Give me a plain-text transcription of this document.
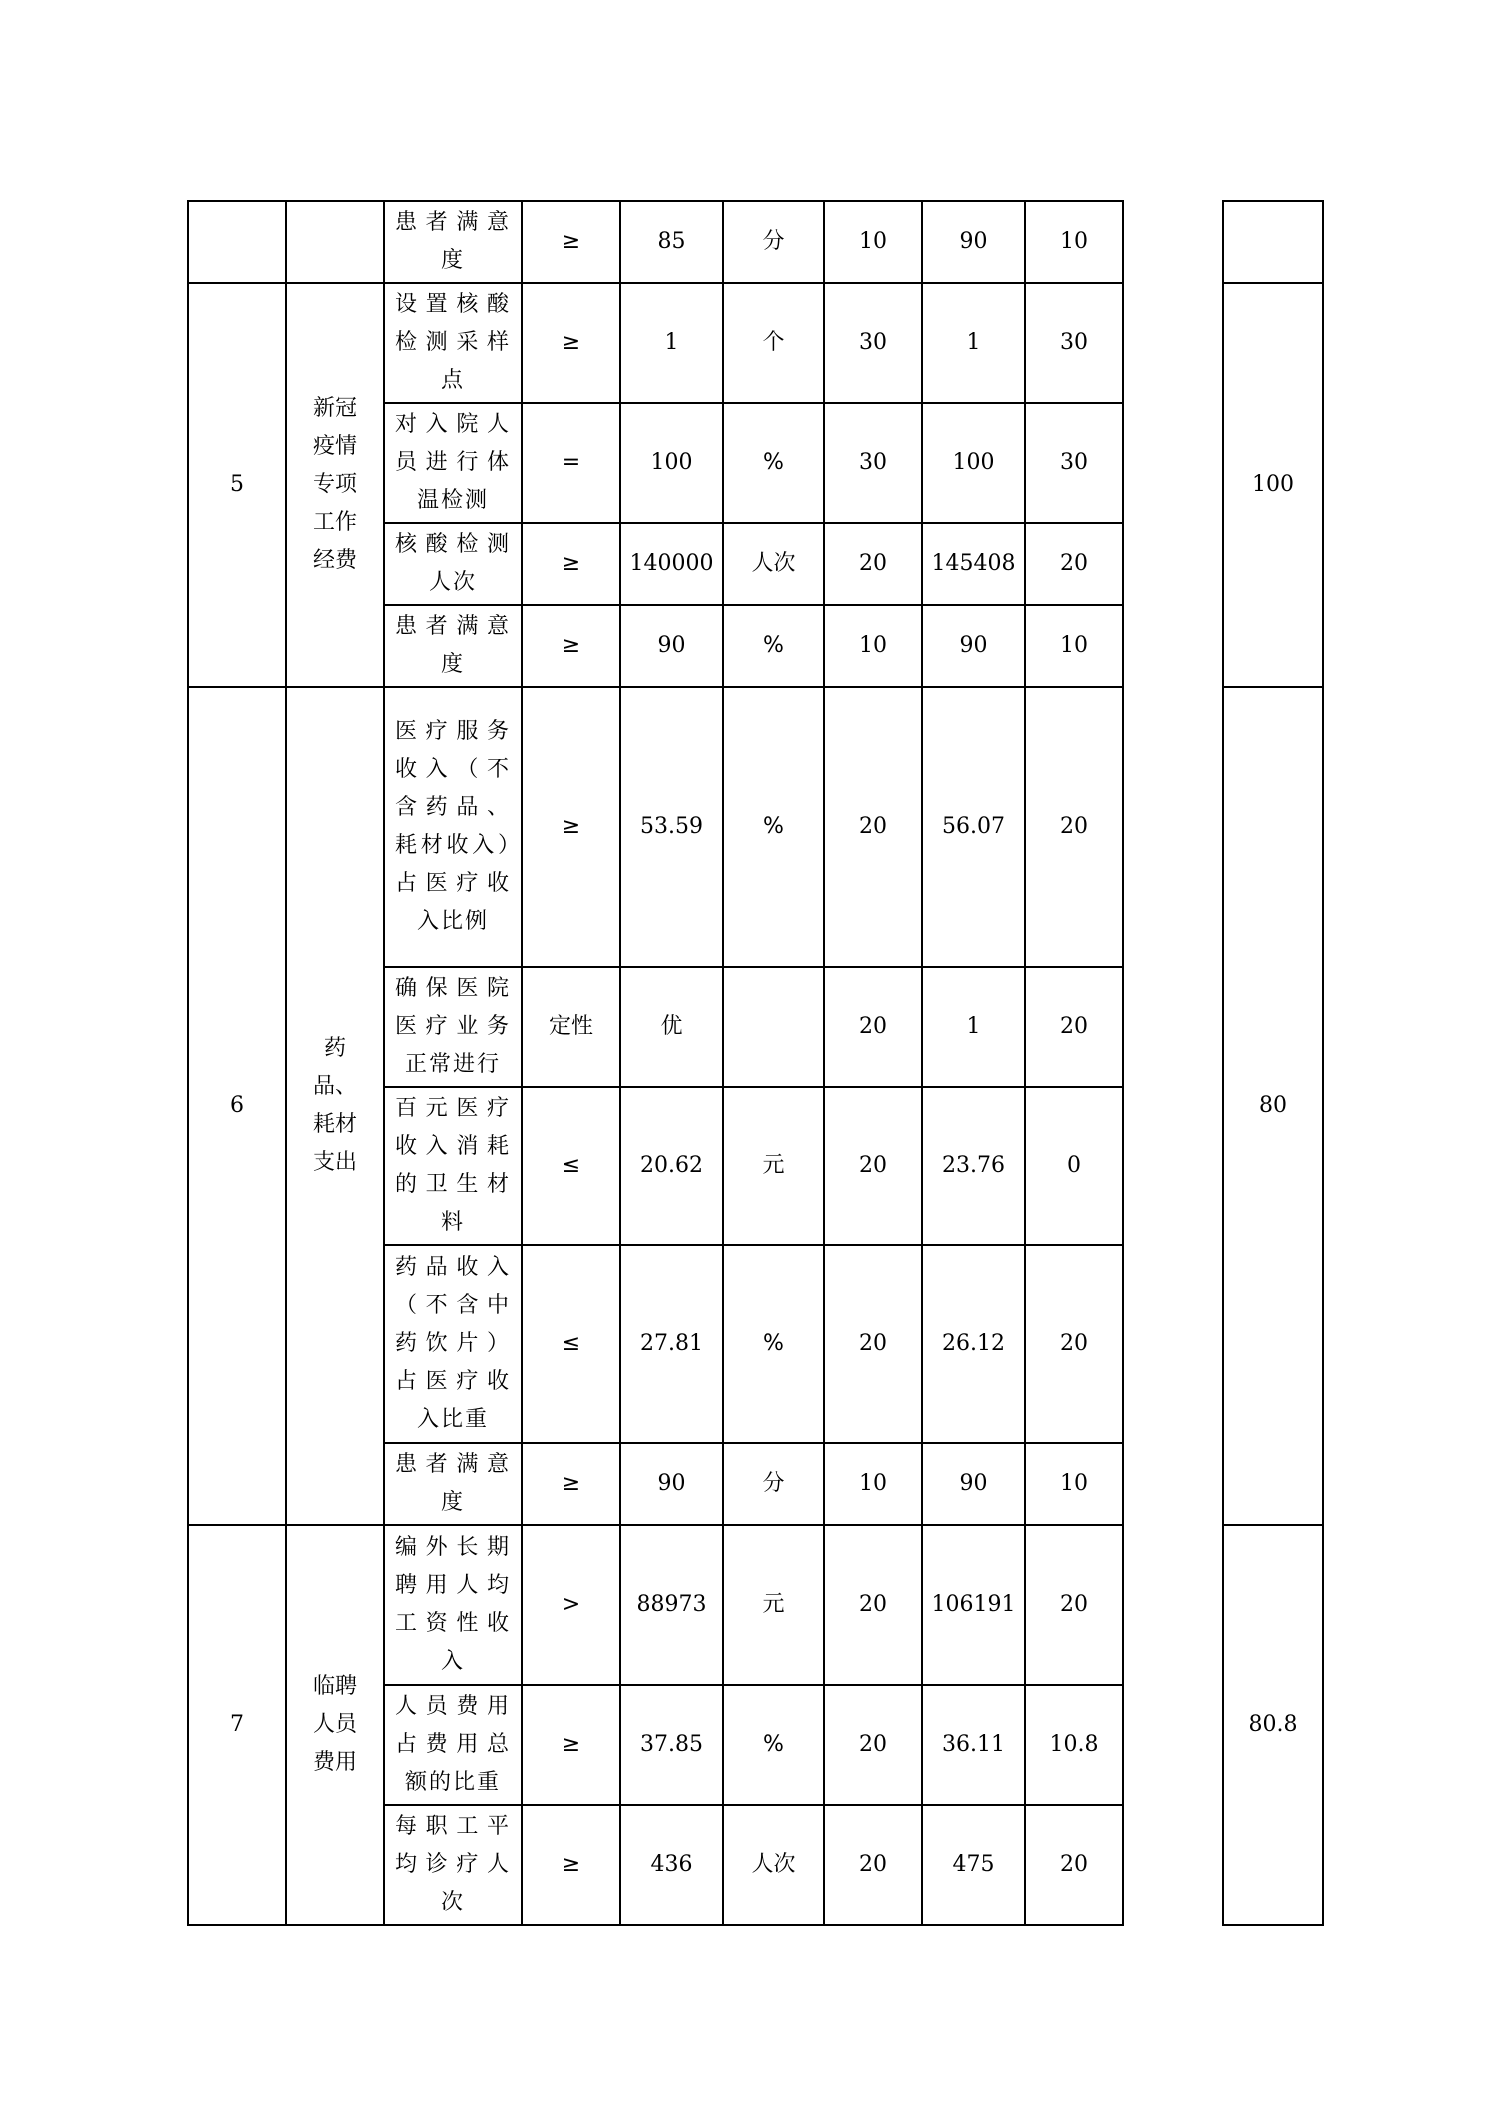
		患者满意度	≥	85	分	10	90	10		
5	新冠疫情专项工作经费	设置核酸检测采样点	≥	1	个	30	1	30		100
		对入院人员进行体温检测	=	100	%	30	100	30		
		核酸检测人次	≥	140000	人次	20	145408	20		
		患者满意度	≥	90	%	10	90	10		
6	药品、耗材支出	医疗服务收入（不含药品、耗材收入）占医疗收入比例	≥	53.59	%	20	56.07	20		80
		确保医院医疗业务正常进行	定性	优		20	1	20		
		百元医疗收入消耗的卫生材料	≤	20.62	元	20	23.76	0		
		药品收入（不含中药饮片）占医疗收入比重	≤	27.81	%	20	26.12	20		
		患者满意度	≥	90	分	10	90	10		
7	临聘人员费用	编外长期聘用人均工资性收入	>	88973	元	20	106191	20		80.8
		人员费用占费用总额的比重	≥	37.85	%	20	36.11	10.8		
		每职工平均诊疗人次	≥	436	人次	20	475	20		
